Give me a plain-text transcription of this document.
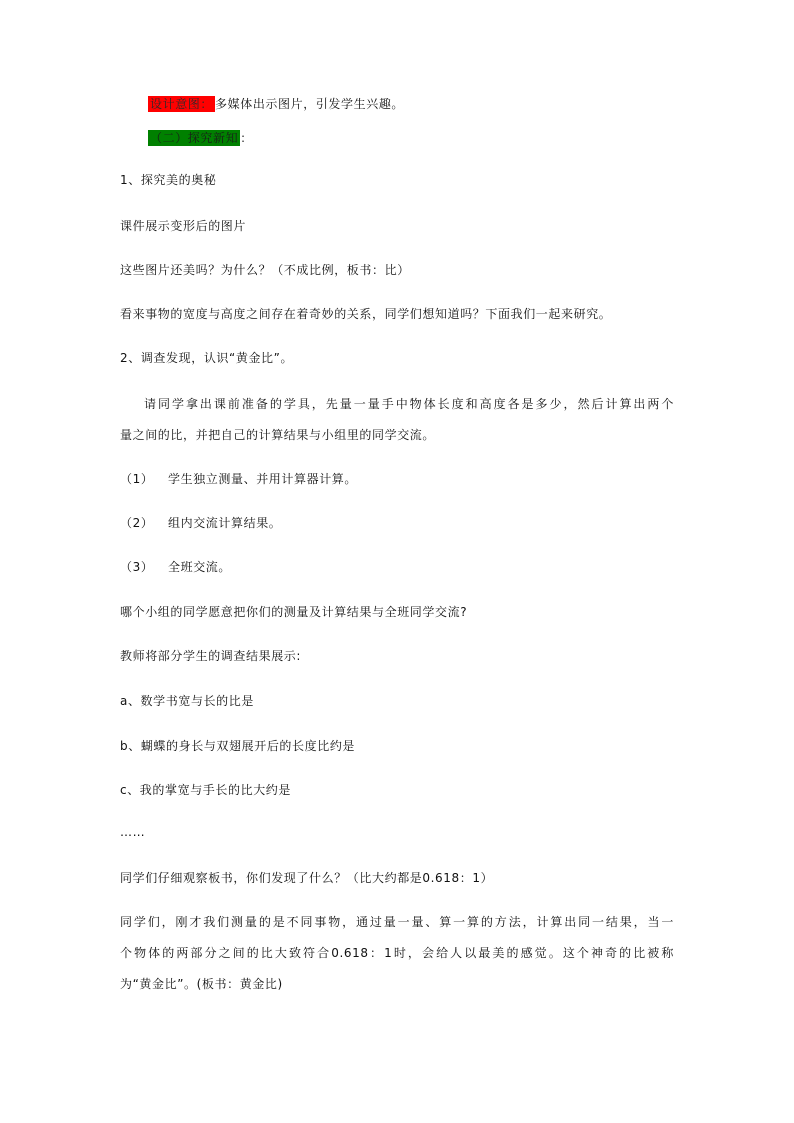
设计意图： 多媒体出示图片，引发学生兴趣。
（二）探究新知 ：
1、探究美的奥秘
课件展示变形后的图片
这些图片还美吗？为什么？（不成比例，板书：比）
看来事物的宽度与高度之间存在着奇妙的关系，同学们想知道吗？下面我们一起来研究。
2、调查发现，认识“黄金比”。
请同学拿出课前准备的学具，先量一量手中物体长度和高度各是多少，然后计算出两个
量之间的比，并把自己的计算结果与小组里的同学交流。
（1） 学生独立测量、并用计算器计算。
（2） 组内交流计算结果。
（3） 全班交流。
哪个小组的同学愿意把你们的测量及计算结果与全班同学交流?
教师将部分学生的调查结果展示:
a、数学书宽与长的比是
b、蝴蝶的身长与双翅展开后的长度比约是
c、我的掌宽与手长的比大约是
……
同学们仔细观察板书，你们发现了什么？（比大约都是0.618：1）
同学们，刚才我们测量的是不同事物，通过量一量、算一算的方法，计算出同一结果，当一
个物体的两部分之间的比大致符合0.618：1时，会给人以最美的感觉。这个神奇的比被称
为“黄金比”。(板书：黄金比)
